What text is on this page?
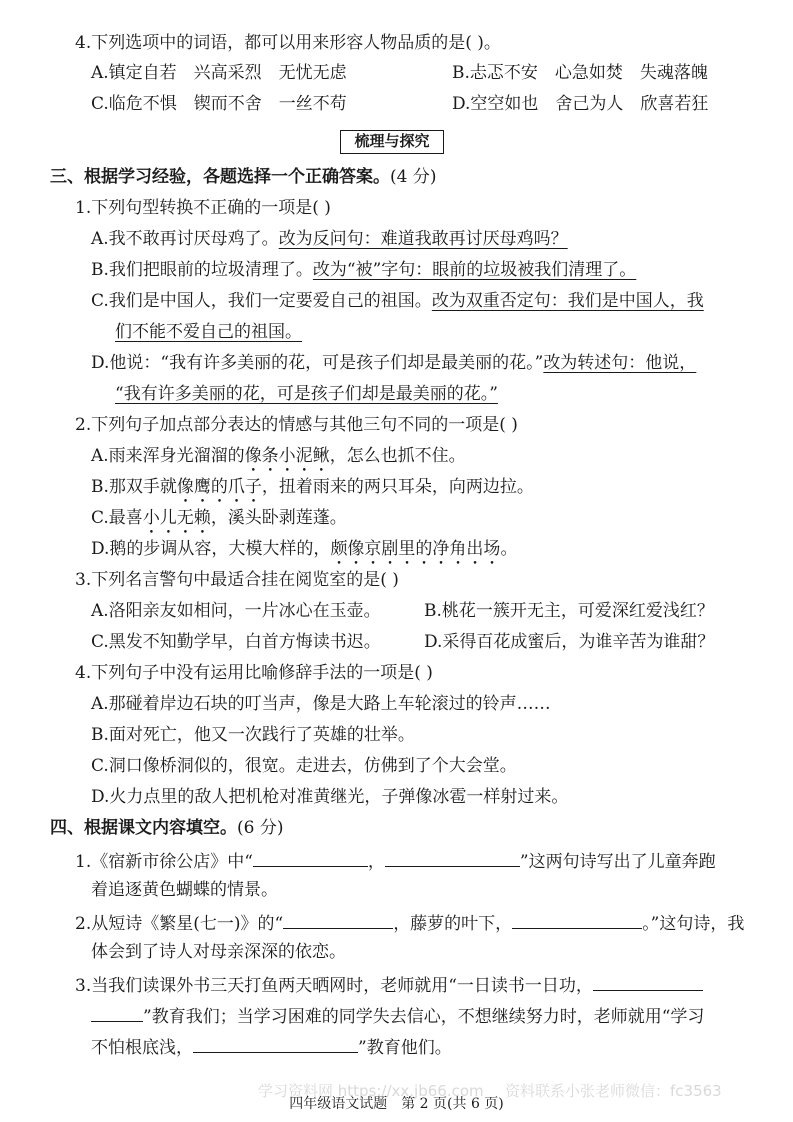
4.下列选项中的词语，都可以用来形容人物品质的是( )。
A.镇定自若　兴高采烈　无忧无虑	B.忐忑不安　心急如焚　失魂落魄
C.临危不惧　锲而不舍　一丝不苟	D.空空如也　舍己为人　欣喜若狂
梳理与探究
三、根据学习经验，各题选择一个正确答案。(4 分)
1.下列句型转换不正确的一项是( )
A.我不敢再讨厌母鸡了。改为反问句：难道我敢再讨厌母鸡吗？
B.我们把眼前的垃圾清理了。改为“被”字句：眼前的垃圾被我们清理了。
C.我们是中国人，我们一定要爱自己的祖国。改为双重否定句：我们是中国人，我
们不能不爱自己的祖国。
D.他说：“我有许多美丽的花，可是孩子们却是最美丽的花。”改为转述句：他说，
“我有许多美丽的花，可是孩子们却是最美丽的花。”
2.下列句子加点部分表达的情感与其他三句不同的一项是( )
A.雨来浑身光溜溜的像条小泥鳅，怎么也抓不住。
B.那双手就像鹰的爪子，扭着雨来的两只耳朵，向两边拉。
C.最喜小儿无赖，溪头卧剥莲蓬。
D.鹅的步调从容，大模大样的，颇像京剧里的净角出场。
3.下列名言警句中最适合挂在阅览室的是( )
A.洛阳亲友如相问，一片冰心在玉壶。	B.桃花一簇开无主，可爱深红爱浅红？
C.黑发不知勤学早，白首方悔读书迟。	D.采得百花成蜜后，为谁辛苦为谁甜？
4.下列句子中没有运用比喻修辞手法的一项是( )
A.那碰着岸边石块的叮当声，像是大路上车轮滚过的铃声……
B.面对死亡，他又一次践行了英雄的壮举。
C.洞口像桥洞似的，很宽。走进去，仿佛到了个大会堂。
D.火力点里的敌人把机枪对准黄继光，子弹像冰雹一样射过来。
四、根据课文内容填空。(6 分)
1.《宿新市徐公店》中“	，	”这两句诗写出了儿童奔跑
着追逐黄色蝴蝶的情景。
2.从短诗《繁星(七一)》的“	，藤萝的叶下，	。”这句诗，我
体会到了诗人对母亲深深的依恋。
3.当我们读课外书三天打鱼两天晒网时，老师就用“一日读书一日功，
”教育我们；当学习困难的同学失去信心，不想继续努力时，老师就用“学习
不怕根底浅，	”教育他们。
学习资料网 https://xx.jb66.com 资料联系小张老师微信：fc3563
四年级语文试题　第 2 页(共 6 页)
